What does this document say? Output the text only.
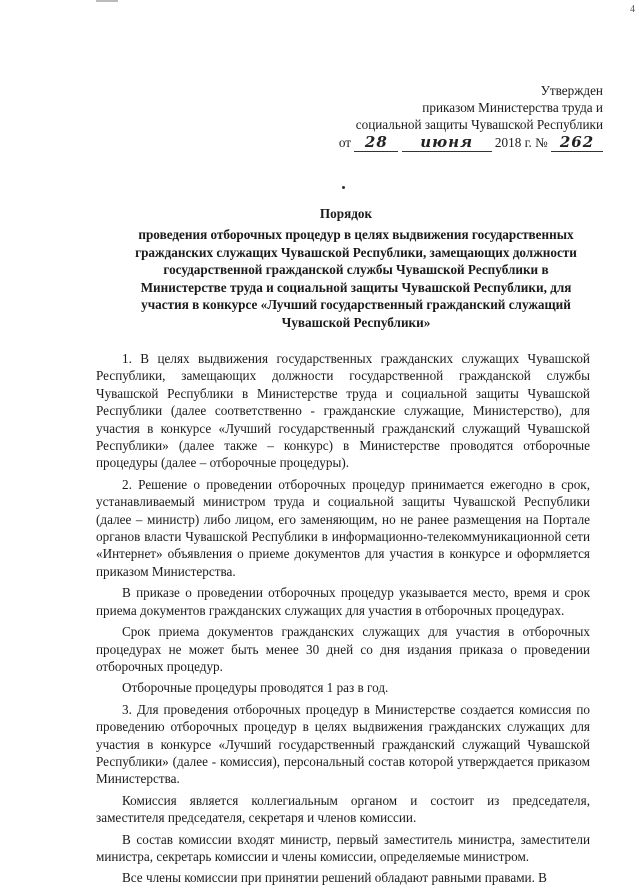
4
Утвержден
приказом Министерства труда и
социальной защиты Чувашской Республики
от 28 июня 2018 г. № 262
Порядок
проведения отборочных процедур в целях выдвижения государственных гражданских служащих Чувашской Республики, замещающих должности государственной гражданской службы Чувашской Республики в Министерстве труда и социальной защиты Чувашской Республики, для участия в конкурсе «Лучший государственный гражданский служащий Чувашской Республики»

1. В целях выдвижения государственных гражданских служащих Чувашской Республики, замещающих должности государственной гражданской службы Чувашской Республики в Министерстве труда и социальной защиты Чувашской Республики (далее соответственно - гражданские служащие, Министерство), для участия в конкурсе «Лучший государственный гражданский служащий Чувашской Республики» (далее также – конкурс) в Министерстве проводятся отборочные процедуры (далее – отборочные процедуры).

2. Решение о проведении отборочных процедур принимается ежегодно в срок, устанавливаемый министром труда и социальной защиты Чувашской Республики (далее – министр) либо лицом, его заменяющим, но не ранее размещения на Портале органов власти Чувашской Республики в информационно-телекоммуникационной сети «Интернет» объявления о приеме документов для участия в конкурсе и оформляется приказом Министерства.

В приказе о проведении отборочных процедур указывается место, время и срок приема документов гражданских служащих для участия в отборочных процедурах.

Срок приема документов гражданских служащих для участия в отборочных процедурах не может быть менее 30 дней со дня издания приказа о проведении отборочных процедур.

Отборочные процедуры проводятся 1 раз в год.

3. Для проведения отборочных процедур в Министерстве создается комиссия по проведению отборочных процедур в целях выдвижения гражданских служащих для участия в конкурсе «Лучший государственный гражданский служащий Чувашской Республики» (далее - комиссия), персональный состав которой утверждается приказом Министерства.

Комиссия является коллегиальным органом и состоит из председателя, заместителя председателя, секретаря и членов комиссии.

В состав комиссии входят министр, первый заместитель министра, заместители министра, секретарь комиссии и члены комиссии, определяемые министром.

Все члены комиссии при принятии решений обладают равными правами. В
